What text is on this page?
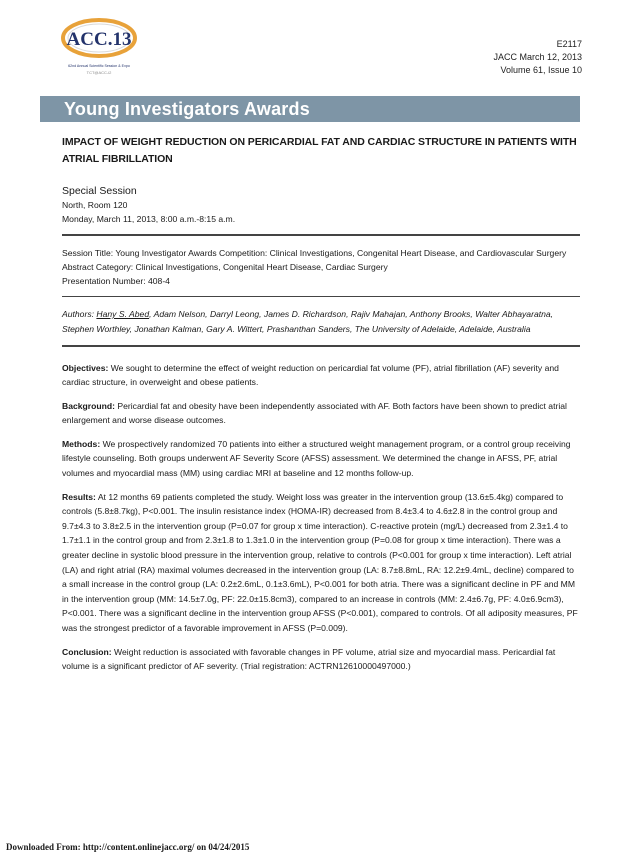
ACC.13
62nd Annual Scientific Session & Expo
TCT@ACC-i2
E2117
JACC March 12, 2013
Volume 61, Issue 10
Young Investigators Awards
IMPACT OF WEIGHT REDUCTION ON PERICARDIAL FAT AND CARDIAC STRUCTURE IN PATIENTS WITH ATRIAL FIBRILLATION
Special Session
North, Room 120
Monday, March 11, 2013, 8:00 a.m.-8:15 a.m.
Session Title: Young Investigator Awards Competition: Clinical Investigations, Congenital Heart Disease, and Cardiovascular Surgery
Abstract Category: Clinical Investigations, Congenital Heart Disease, Cardiac Surgery
Presentation Number: 408-4
Authors: Hany S. Abed, Adam Nelson, Darryl Leong, James D. Richardson, Rajiv Mahajan, Anthony Brooks, Walter Abhayaratna, Stephen Worthley, Jonathan Kalman, Gary A. Wittert, Prashanthan Sanders, The University of Adelaide, Adelaide, Australia

Objectives: We sought to determine the effect of weight reduction on pericardial fat volume (PF), atrial fibrillation (AF) severity and cardiac structure, in overweight and obese patients.

Background: Pericardial fat and obesity have been independently associated with AF. Both factors have been shown to predict atrial enlargement and worse disease outcomes.

Methods: We prospectively randomized 70 patients into either a structured weight management program, or a control group receiving lifestyle counseling. Both groups underwent AF Severity Score (AFSS) assessment. We determined the change in AFSS, PF, atrial volumes and myocardial mass (MM) using cardiac MRI at baseline and 12 months follow-up.

Results: At 12 months 69 patients completed the study. Weight loss was greater in the intervention group (13.6±5.4kg) compared to controls (5.8±8.7kg), P<0.001. The insulin resistance index (HOMA-IR) decreased from 8.4±3.4 to 4.6±2.8 in the control group and 9.7±4.3 to 3.8±2.5 in the intervention group (P=0.07 for group x time interaction). C-reactive protein (mg/L) decreased from 2.3±1.4 to 1.7±1.1 in the control group and from 2.3±1.8 to 1.3±1.0 in the intervention group (P=0.08 for group x time interaction). There was a greater decline in systolic blood pressure in the intervention group, relative to controls (P<0.001 for group x time interaction). Left atrial (LA) and right atrial (RA) maximal volumes decreased in the intervention group (LA: 8.7±8.8mL, RA: 12.2±9.4mL, decline) compared to a small increase in the control group (LA: 0.2±2.6mL, 0.1±3.6mL), P<0.001 for both atria. There was a significant decline in PF and MM in the intervention group (MM: 14.5±7.0g, PF: 22.0±15.8cm3), compared to an increase in controls (MM: 2.4±6.7g, PF: 4.0±6.9cm3), P<0.001. There was a significant decline in the intervention group AFSS (P<0.001), compared to controls. Of all adiposity measures, PF was the strongest predictor of a favorable improvement in AFSS (P=0.009).

Conclusion: Weight reduction is associated with favorable changes in PF volume, atrial size and myocardial mass. Pericardial fat volume is a significant predictor of AF severity. (Trial registration: ACTRN12610000497000.)

Downloaded From: http://content.onlinejacc.org/ on 04/24/2015
